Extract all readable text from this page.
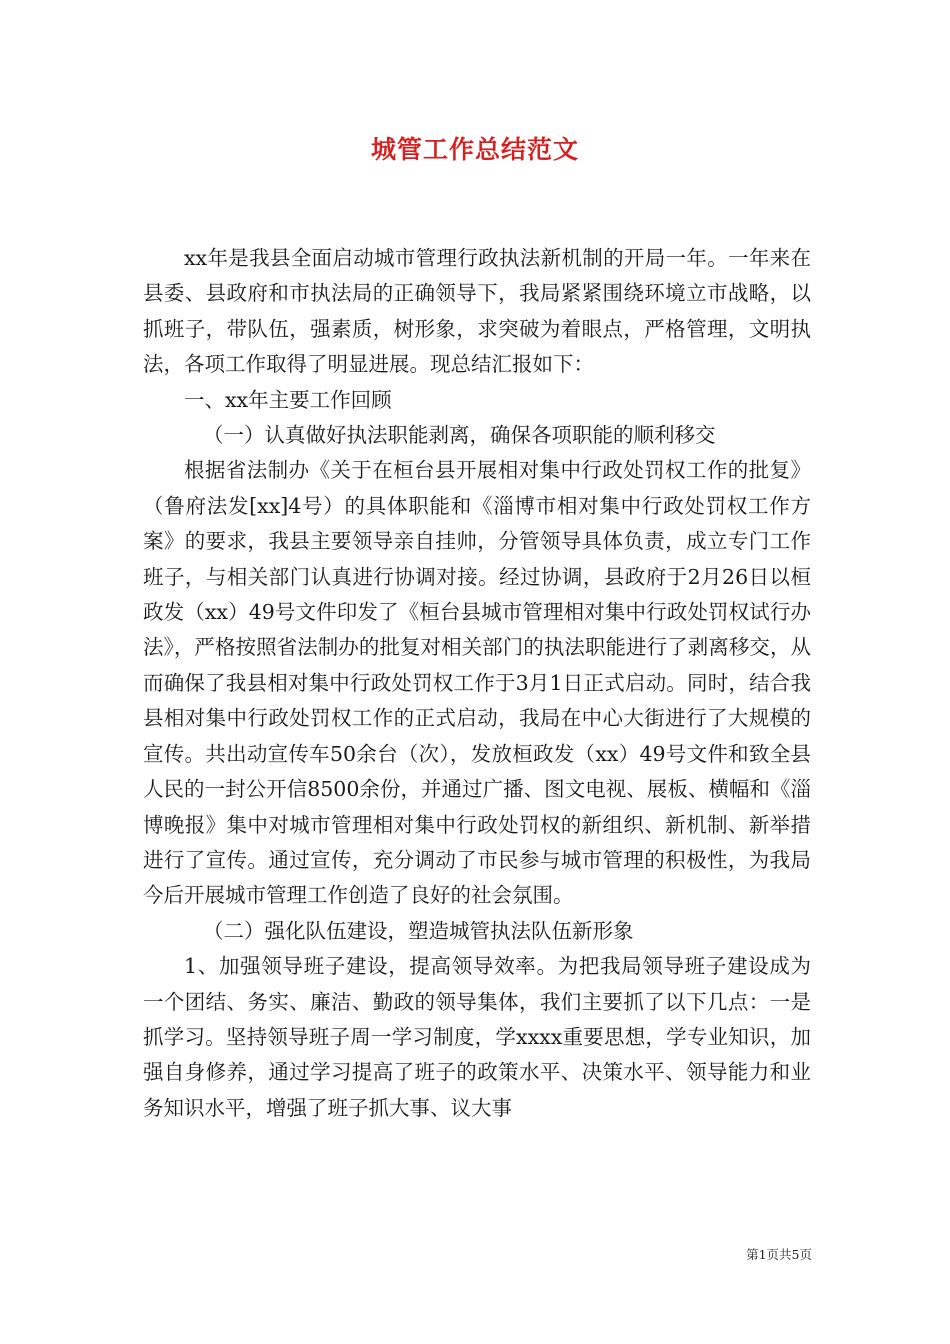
城管工作总结范文

xx年是我县全面启动城市管理行政执法新机制的开局一年。一年来在县委、县政府和市执法局的正确领导下，我局紧紧围绕环境立市战略，以抓班子，带队伍，强素质，树形象，求突破为着眼点，严格管理，文明执法，各项工作取得了明显进展。现总结汇报如下：

一、xx年主要工作回顾

（一）认真做好执法职能剥离，确保各项职能的顺利移交

根据省法制办《关于在桓台县开展相对集中行政处罚权工作的批复》（鲁府法发[xx]4号）的具体职能和《淄博市相对集中行政处罚权工作方案》的要求，我县主要领导亲自挂帅，分管领导具体负责，成立专门工作班子，与相关部门认真进行协调对接。经过协调，县政府于2月26日以桓政发（xx）49号文件印发了《桓台县城市管理相对集中行政处罚权试行办法》，严格按照省法制办的批复对相关部门的执法职能进行了剥离移交，从而确保了我县相对集中行政处罚权工作于3月1日正式启动。同时，结合我县相对集中行政处罚权工作的正式启动，我局在中心大街进行了大规模的宣传。共出动宣传车50余台（次），发放桓政发（xx）49号文件和致全县人民的一封公开信8500余份，并通过广播、图文电视、展板、横幅和《淄博晚报》集中对城市管理相对集中行政处罚权的新组织、新机制、新举措进行了宣传。通过宣传，充分调动了市民参与城市管理的积极性，为我局今后开展城市管理工作创造了良好的社会氛围。

（二）强化队伍建设，塑造城管执法队伍新形象

1、加强领导班子建设，提高领导效率。为把我局领导班子建设成为一个团结、务实、廉洁、勤政的领导集体，我们主要抓了以下几点：一是抓学习。坚持领导班子周一学习制度，学xxxx重要思想，学专业知识，加强自身修养，通过学习提高了班子的政策水平、决策水平、领导能力和业务知识水平，增强了班子抓大事、议大事

第1页共5页
